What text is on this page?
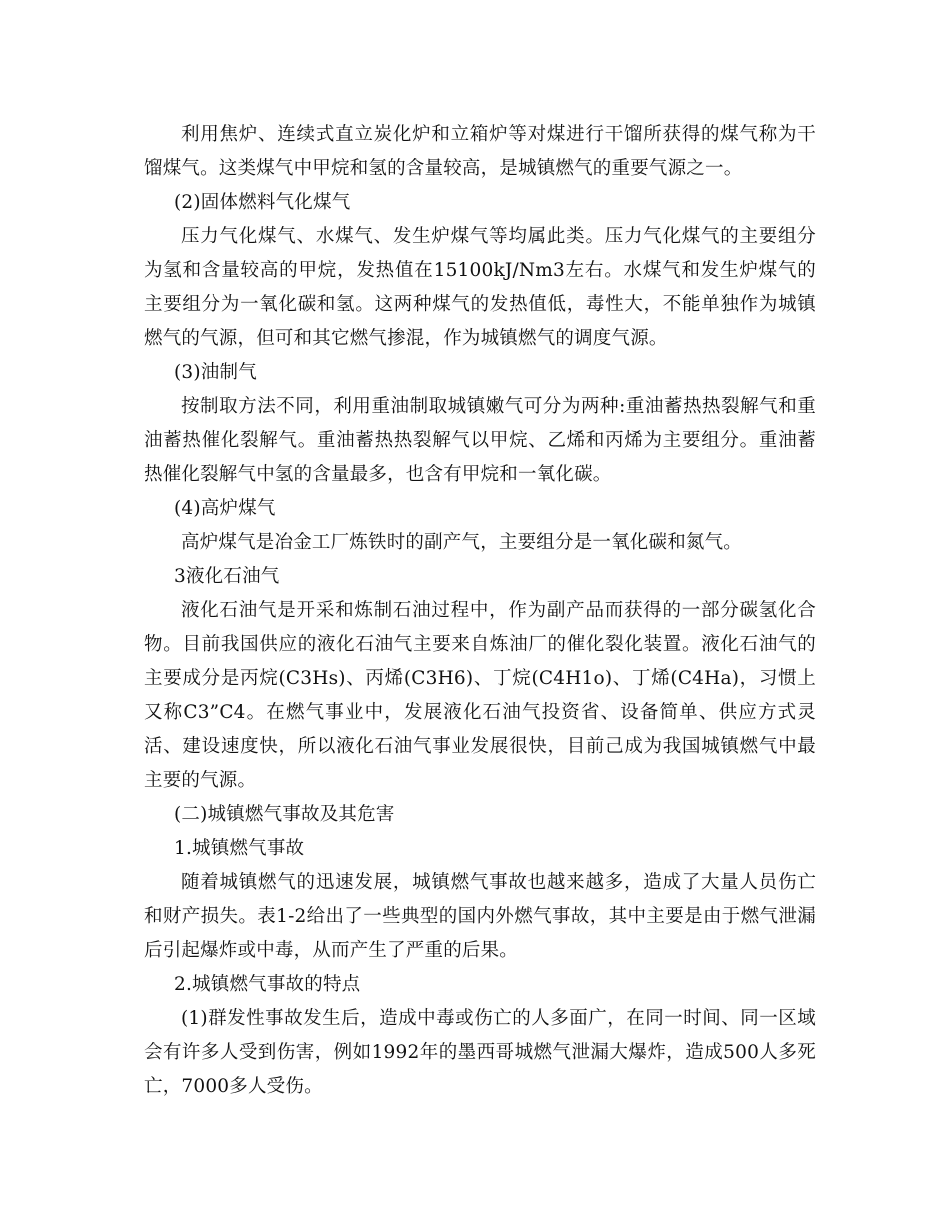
利用焦炉、连续式直立炭化炉和立箱炉等对煤进行干馏所获得的煤气称为干馏煤气。这类煤气中甲烷和氢的含量较高，是城镇燃气的重要气源之一。

(2)固体燃料气化煤气

压力气化煤气、水煤气、发生炉煤气等均属此类。压力气化煤气的主要组分为氢和含量较高的甲烷，发热值在15100kJ/Nm3左右。水煤气和发生炉煤气的主要组分为一氧化碳和氢。这两种煤气的发热值低，毒性大，不能单独作为城镇燃气的气源，但可和其它燃气掺混，作为城镇燃气的调度气源。

(3)油制气

按制取方法不同，利用重油制取城镇嫩气可分为两种:重油蓄热热裂解气和重油蓄热催化裂解气。重油蓄热热裂解气以甲烷、乙烯和丙烯为主要组分。重油蓄热催化裂解气中氢的含量最多，也含有甲烷和一氧化碳。

(4)高炉煤气

高炉煤气是冶金工厂炼铁时的副产气，主要组分是一氧化碳和氮气。

3液化石油气

液化石油气是开采和炼制石油过程中，作为副产品而获得的一部分碳氢化合物。目前我国供应的液化石油气主要来自炼油厂的催化裂化装置。液化石油气的主要成分是丙烷(C3Hs)、丙烯(C3H6)、丁烷(C4H1o)、丁烯(C4Ha)，习惯上又称C3”C4。在燃气事业中，发展液化石油气投资省、设备简单、供应方式灵活、建设速度快，所以液化石油气事业发展很快，目前己成为我国城镇燃气中最主要的气源。

(二)城镇燃气事故及其危害

1.城镇燃气事故

随着城镇燃气的迅速发展，城镇燃气事故也越来越多，造成了大量人员伤亡和财产损失。表1-2给出了一些典型的国内外燃气事故，其中主要是由于燃气泄漏后引起爆炸或中毒，从而产生了严重的后果。

2.城镇燃气事故的特点

(1)群发性事故发生后，造成中毒或伤亡的人多面广，在同一时间、同一区域会有许多人受到伤害，例如1992年的墨西哥城燃气泄漏大爆炸，造成500人多死亡，7000多人受伤。
